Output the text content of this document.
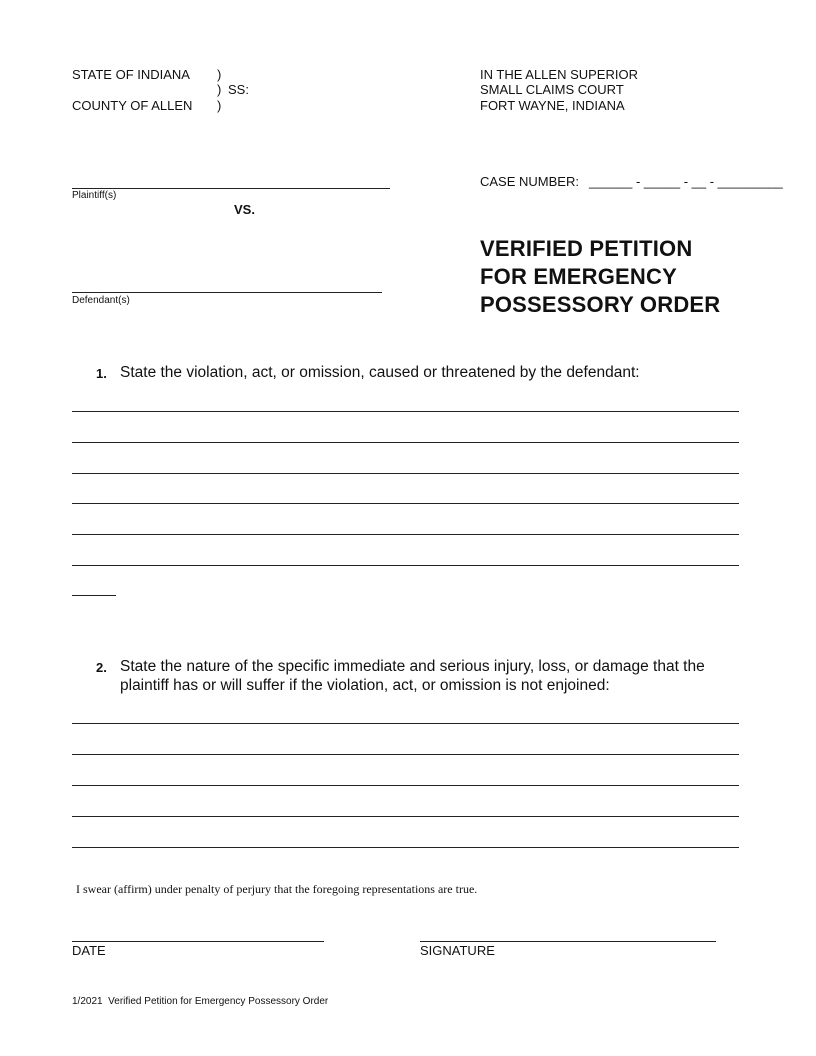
STATE OF INDIANA )
) SS:
COUNTY OF ALLEN )
IN THE ALLEN SUPERIOR
SMALL CLAIMS COURT
FORT WAYNE, INDIANA
Plaintiff(s)
VS.
CASE NUMBER: ______ - _____ - __ - _________
Defendant(s)
VERIFIED PETITION
FOR EMERGENCY
POSSESSORY ORDER
1. State the violation, act, or omission, caused or threatened by the defendant:
2. State the nature of the specific immediate and serious injury, loss, or damage that the
plaintiff has or will suffer if the violation, act, or omission is not enjoined:
I swear (affirm) under penalty of perjury that the foregoing representations are true.
DATE	SIGNATURE
1/2021  Verified Petition for Emergency Possessory Order
